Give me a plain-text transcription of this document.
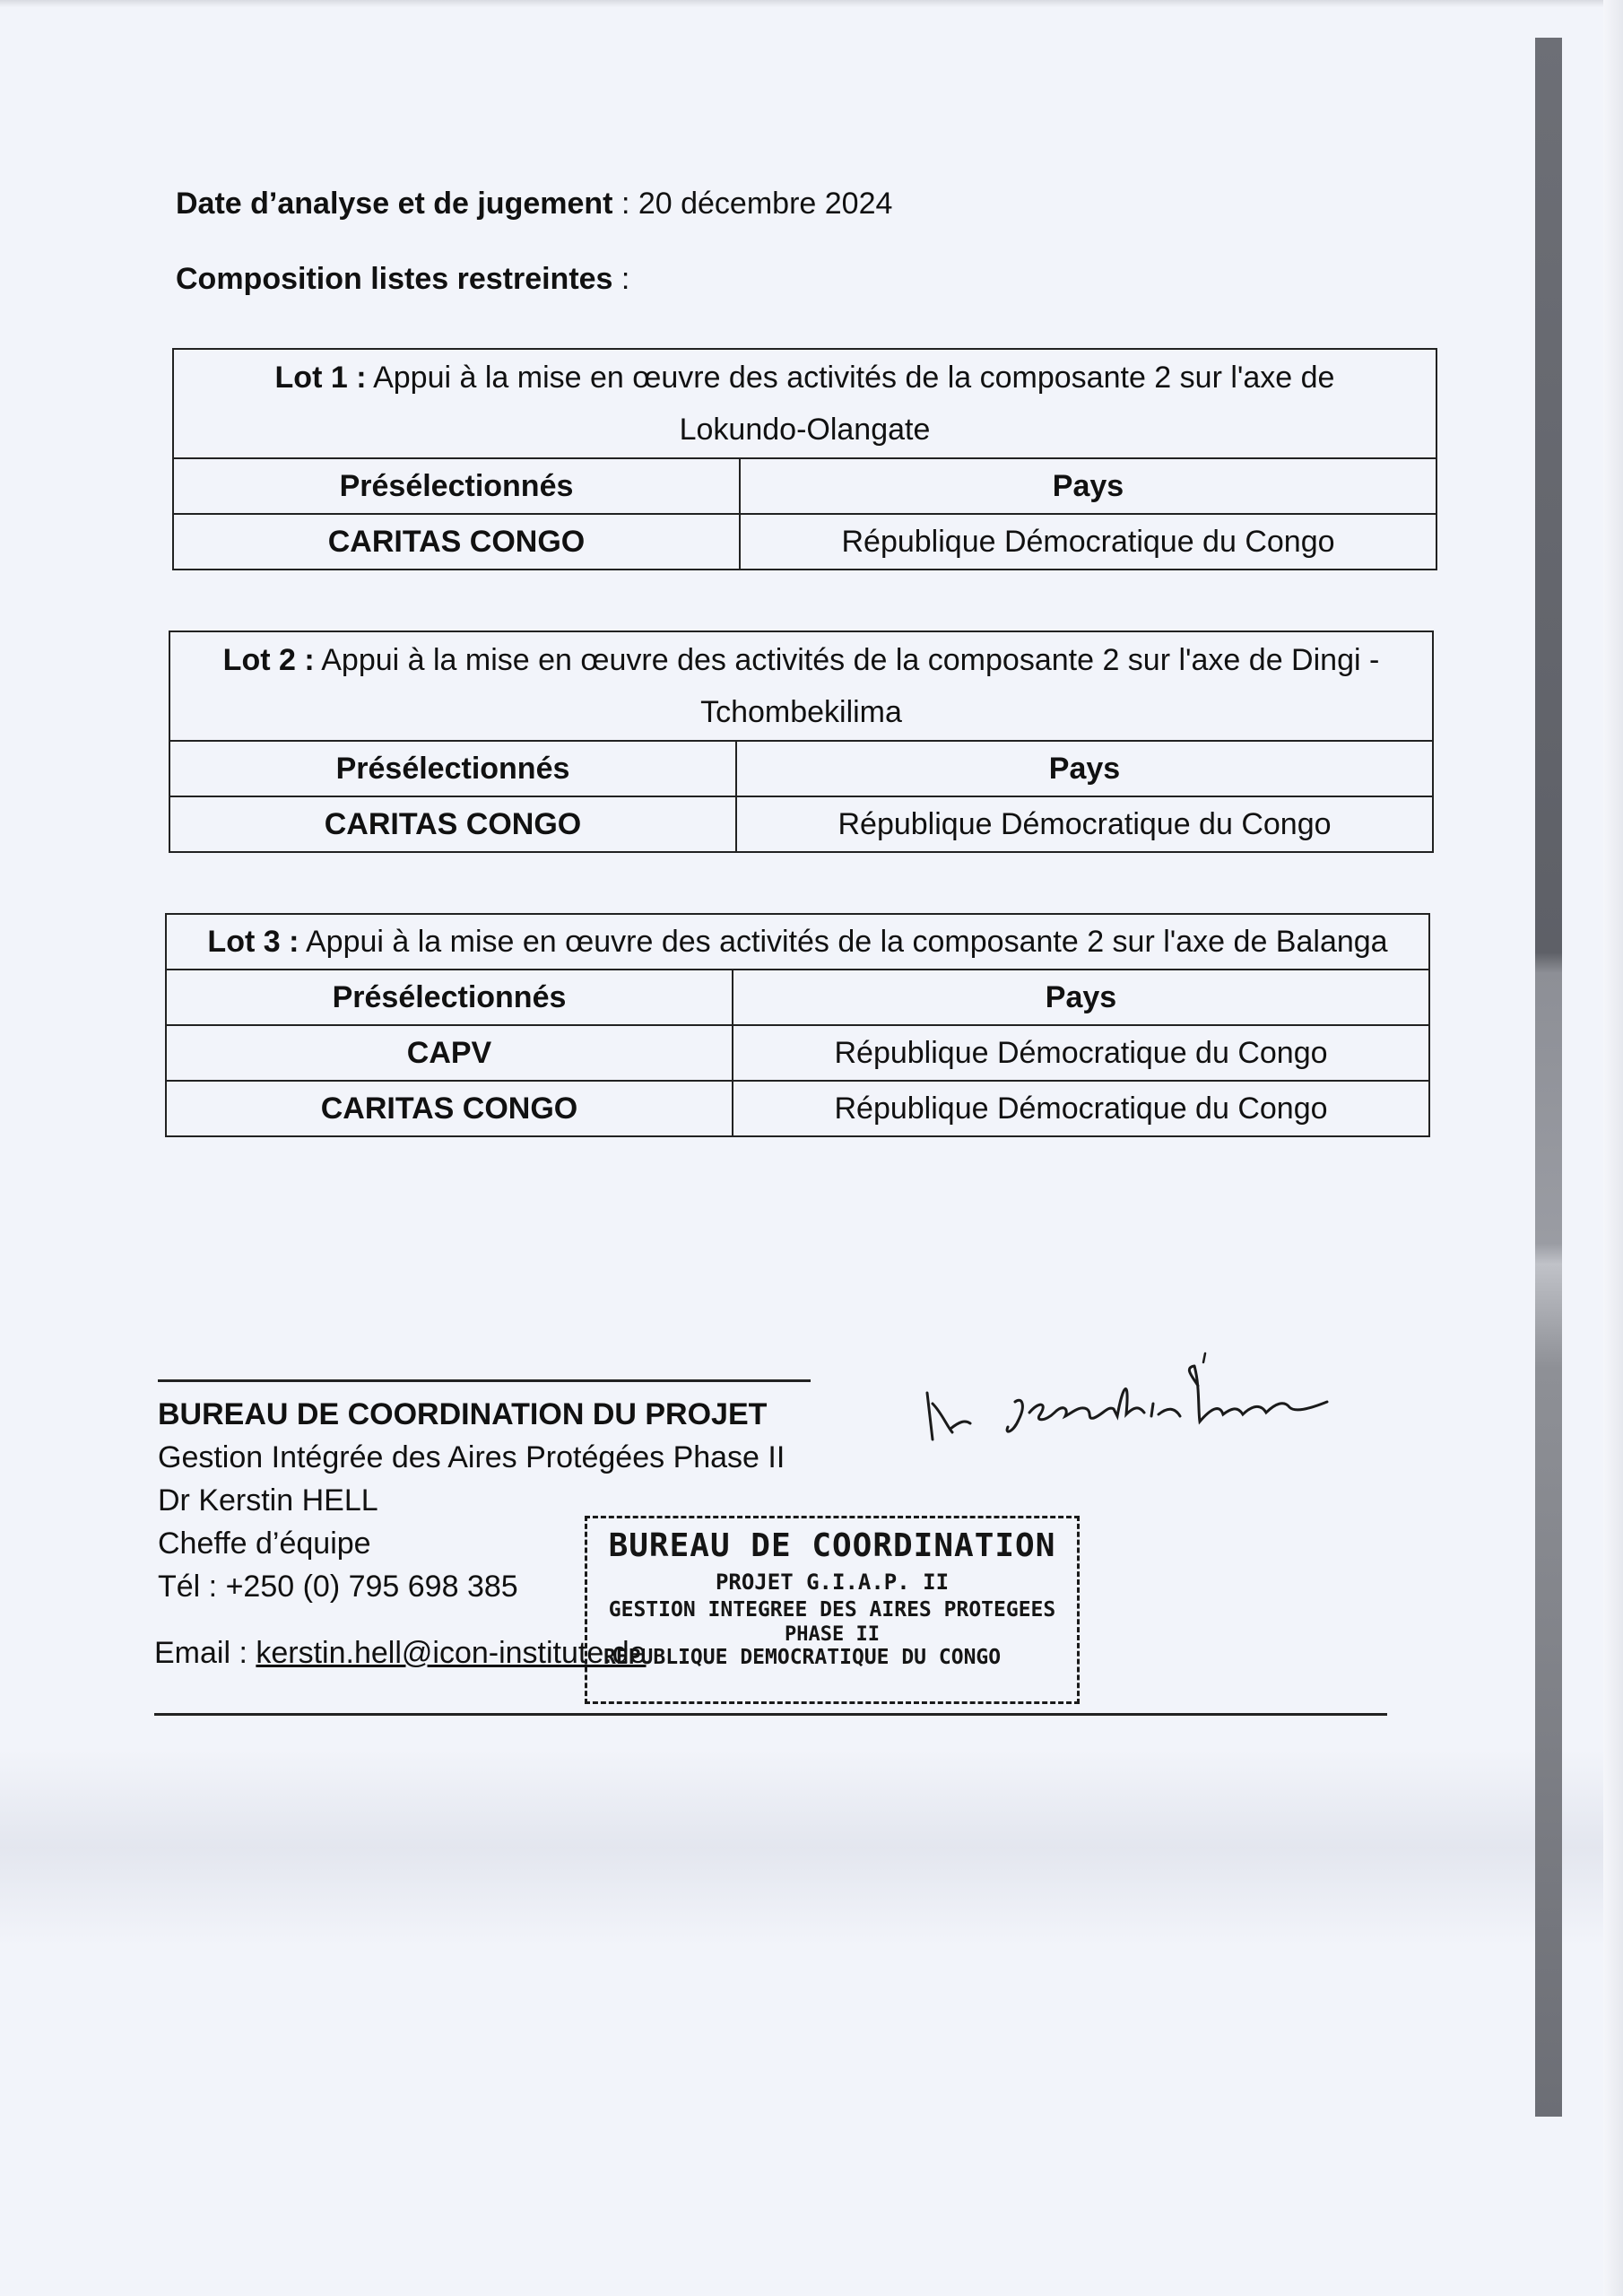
Date d’analyse et de jugement : 20 décembre 2024
Composition listes restreintes :
Lot 1 : Appui à la mise en œuvre des activités de la composante 2 sur l'axe de
Lokundo-Olangate	
Présélectionnés	Pays
CARITAS CONGO	République Démocratique du Congo
Lot 2 : Appui à la mise en œuvre des activités de la composante 2 sur l'axe de Dingi -
Tchombekilima	
Présélectionnés	Pays
CARITAS CONGO	République Démocratique du Congo
Lot 3 : Appui à la mise en œuvre des activités de la composante 2 sur l'axe de Balanga	
Présélectionnés	Pays
CAPV	République Démocratique du Congo
CARITAS CONGO	République Démocratique du Congo
BUREAU DE COORDINATION DU PROJET
Gestion Intégrée des Aires Protégées Phase II
Dr Kerstin HELL
Cheffe d’équipe
Tél : +250 (0) 795 698 385
Email : kerstin.hell@icon-institute.de
BUREAU DE COORDINATION
PROJET G.I.A.P. II
GESTION INTEGREE DES AIRES PROTEGEES
PHASE II
REPUBLIQUE DEMOCRATIQUE DU CONGO
